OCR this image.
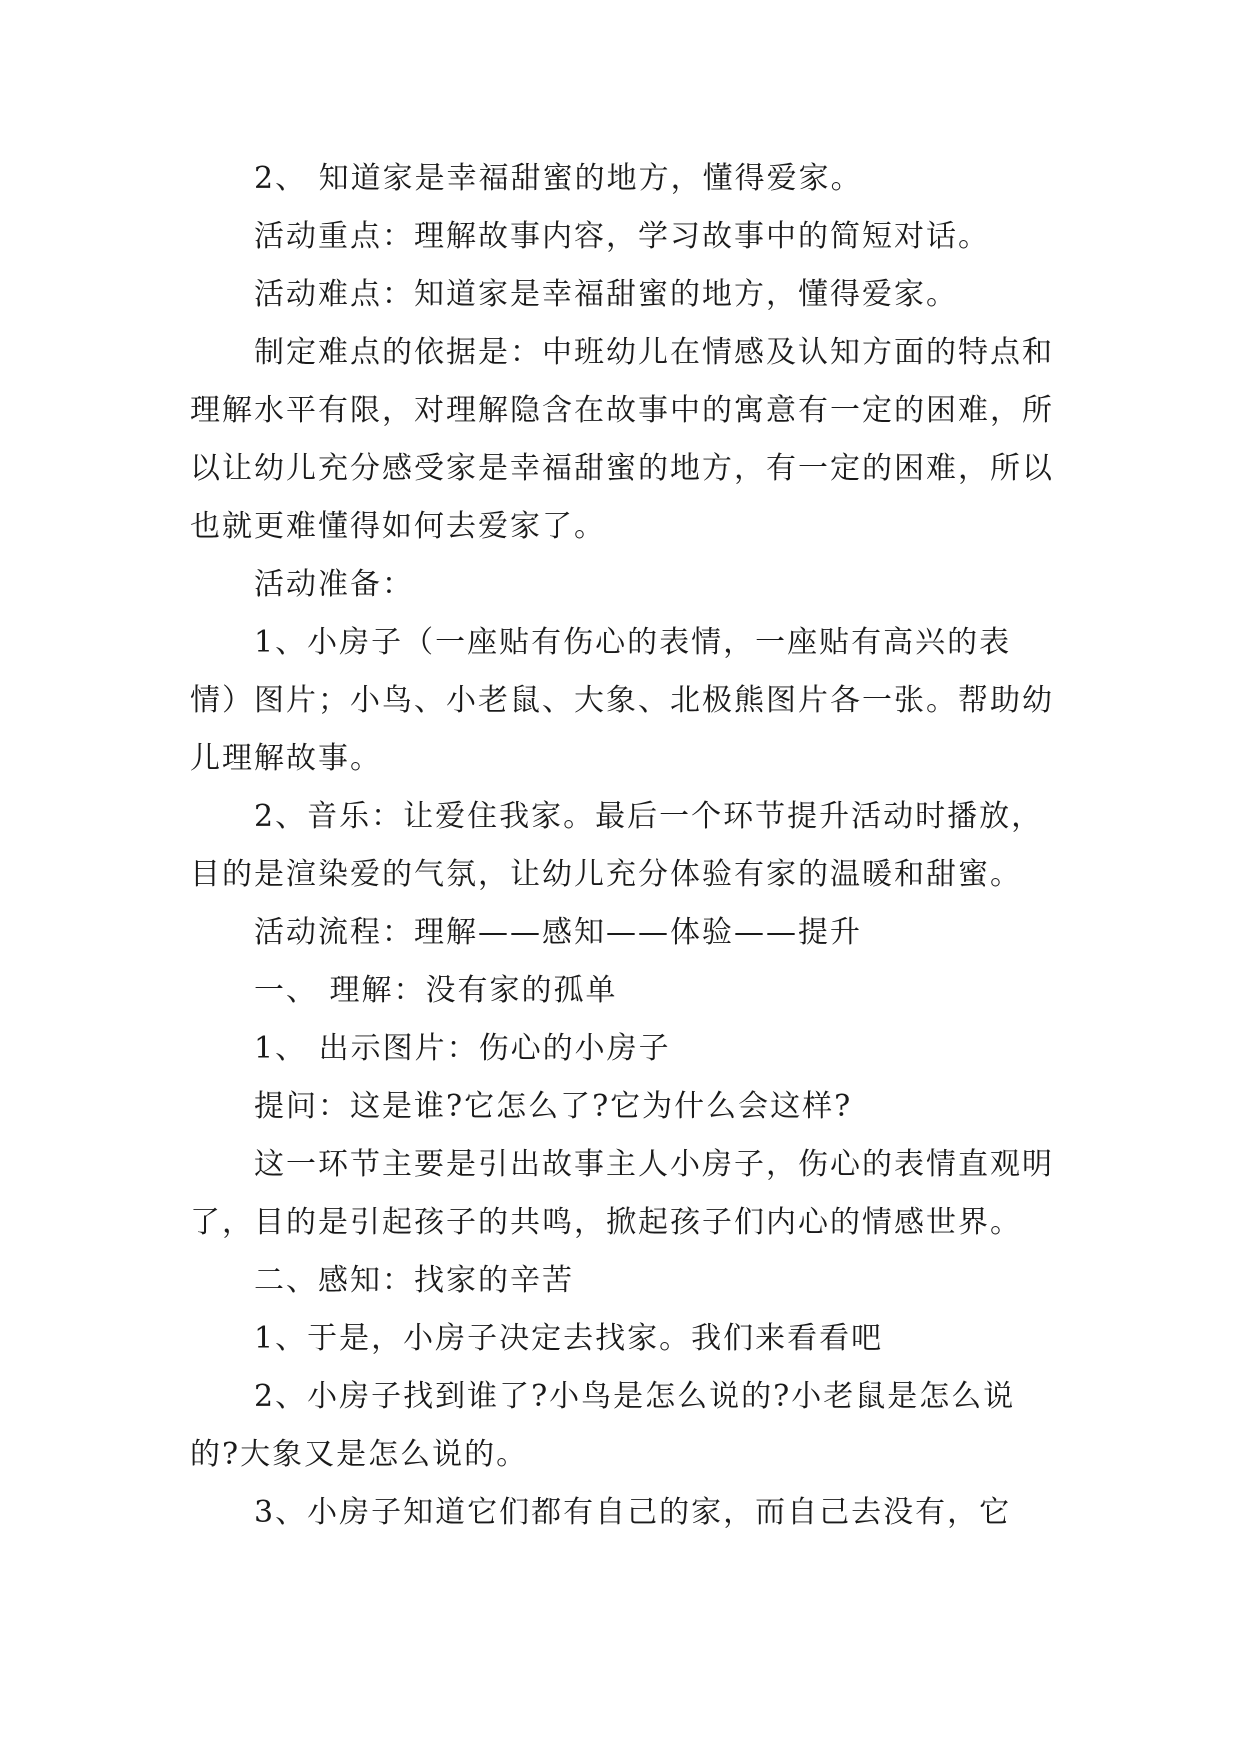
2、 知道家是幸福甜蜜的地方，懂得爱家。

活动重点：理解故事内容，学习故事中的简短对话。

活动难点：知道家是幸福甜蜜的地方，懂得爱家。

制定难点的依据是：中班幼儿在情感及认知方面的特点和理解水平有限，对理解隐含在故事中的寓意有一定的困难，所以让幼儿充分感受家是幸福甜蜜的地方，有一定的困难，所以也就更难懂得如何去爱家了。

活动准备：

1、小房子（一座贴有伤心的表情，一座贴有高兴的表情）图片；小鸟、小老鼠、大象、北极熊图片各一张。帮助幼儿理解故事。

2、音乐：让爱住我家。最后一个环节提升活动时播放，目的是渲染爱的气氛，让幼儿充分体验有家的温暖和甜蜜。

活动流程：理解——感知——体验——提升

一、 理解：没有家的孤单

1、 出示图片：伤心的小房子

提问：这是谁?它怎么了?它为什么会这样?

这一环节主要是引出故事主人小房子，伤心的表情直观明了，目的是引起孩子的共鸣，掀起孩子们内心的情感世界。

二、感知：找家的辛苦

1、于是，小房子决定去找家。我们来看看吧

2、小房子找到谁了?小鸟是怎么说的?小老鼠是怎么说的?大象又是怎么说的。

3、小房子知道它们都有自己的家，而自己去没有，它
